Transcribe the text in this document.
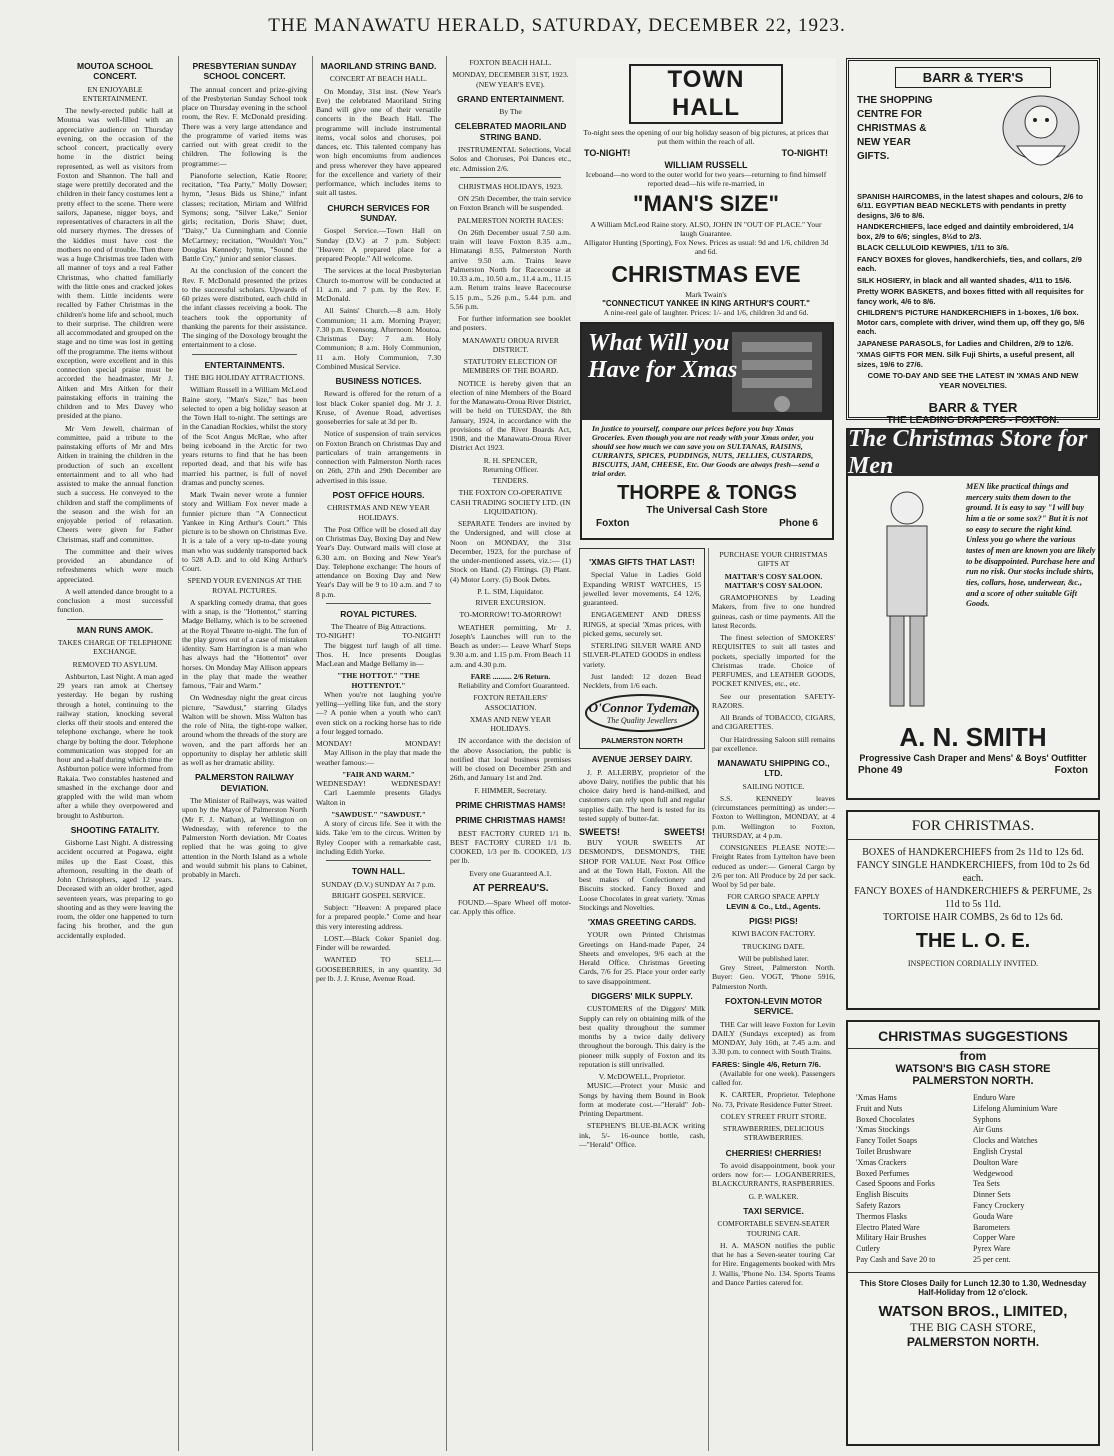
THE MANAWATU HERALD, SATURDAY, DECEMBER 22, 1923.
MOUTOA SCHOOL CONCERT.
EN ENJOYABLE ENTERTAINMENT.

The newly-erected public hall at Moutoa was well-filled with an appreciative audience on Thursday evening, on the occasion of the school concert, practically every home in the district being represented, as well as visitors from Foxton and Shannon. The hall and stage were prettily decorated and the children in their fancy costumes lent a pretty effect to the scene. There were sailors, Japanese, nigger boys, and representatives of characters in all the old nursery rhymes. The dresses of the kiddies must have cost the mothers no end of trouble. Then there was a huge Christmas tree laden with all manner of toys and a real Father Christmas, who chatted familiarly with the little ones and cracked jokes with them. Little incidents were recalled by Father Christmas in the children's home life and school, much to their surprise. The children were all accommodated and grouped on the stage and no time was lost in getting off the programme. The items without exception, were excellent and in this connection special praise must be accorded the headmaster, Mr J. Aitken and Mrs Aitken for their painstaking efforts in training the children and to Mrs Davey who presided at the piano.

Mr Vern Jewell, chairman of committee, paid a tribute to the painstaking efforts of Mr and Mrs Aitken in training the children in the production of such an excellent entertainment and to all who had assisted to make the annual function such a success. He conveyed to the children and staff the compliments of the season and the wish for an enjoyable period of relaxation. Cheers were given for Father Christmas, staff and committee.

The committee and their wives provided an abundance of refreshments which were much appreciated.

A well attended dance brought to a conclusion a most successful function.

MAN RUNS AMOK.
TAKES CHARGE OF TELEPHONE EXCHANGE.
REMOVED TO ASYLUM.

Ashburton, Last Night. A man aged 29 years ran amok at Chertsey yesterday. He began by rushing through a hotel, continuing to the railway station, knocking several clerks off their stools and entered the telephone exchange, where he took charge by bolting the door. Telephone communication was stopped for an hour and a-half during which time the Ashburton police were informed from Rakaia. Two constables hastened and smashed in the exchange door and grappled with the wild man whom after a while they overpowered and brought to Ashburton.

SHOOTING FATALITY.

Gisborne Last Night. A distressing accident occurred at Pogawa, eight miles up the East Coast, this afternoon, resulting in the death of John Christophers, aged 12 years. Deceased with an older brother, aged seventeen years, was preparing to go shooting and as they were leaving the room, the older one happened to turn facing his brother, and the gun accidentally exploded.

PRESBYTERIAN SUNDAY SCHOOL CONCERT.

The annual concert and prize-giving of the Presbyterian Sunday School took place on Thursday evening in the school room, the Rev. F. McDonald presiding. There was a very large attendance and the programme of varied items was carried out with great credit to the children. The following is the programme:—

Pianoforte selection, Katie Roore; recitation, "Tea Party," Molly Dowser; hymn, "Jesus Bids us Shine," infant classes; recitation, Miriam and Wilfrid Symons; song, "Silver Lake," Senior girls; recitation, Doris Shaw; duet, "Daisy," Ua Cunningham and Connie McCartney; recitation, "Wouldn't You," Douglas Kennedy; hymn, "Sound the Battle Cry," junior and senior classes.

At the conclusion of the concert the Rev. F. McDonald presented the prizes to the successful scholars. Upwards of 60 prizes were distributed, each child in the infant classes receiving a book. The teachers took the opportunity of thanking the parents for their assistance. The singing of the Doxology brought the entertainment to a close.

ENTERTAINMENTS.
THE BIG HOLIDAY ATTRACTIONS.

William Russell in a William McLeod Raine story, "Man's Size," has been selected to open a big holiday season at the Town Hall to-night. The settings are in the Canadian Rockies, whilst the story of the Scot Angus McRae, who after being iceboand in the Arctic for two years returns to find that he has been reported dead, and that his wife has married his partner, is full of novel dramas and punchy scenes.

Mark Twain never wrote a funnier story and William Fox never made a funnier picture than "A Connecticut Yankee in King Arthur's Court." This picture is to be shown on Christmas Eve. It is a tale of a very up-to-date young man who was suddenly transported back to 528 A.D. and to old King Arthur's Court.

SPEND YOUR EVENINGS AT THE ROYAL PICTURES.

A sparkling comedy drama, that goes with a snap, is the "Hottentot," starring Madge Bellamy, which is to be screened at the Royal Theatre to-night. The fun of the play grows out of a case of mistaken identity. Sam Harrington is a man who has always had the "Hottentot" over horses. On Monday May Allison appears in the play that made the weather famous, "Fair and Warm."

On Wednesday night the great circus picture, "Sawdust," starring Gladys Walton will be shown. Miss Walton has the role of Nita, the tight-rope walker, around whom the threads of the story are woven, and the part affords her an opportunity to display her athletic skill as well as her dramatic ability.

PALMERSTON RAILWAY DEVIATION.

The Minister of Railways, was waited upon by the Mayor of Palmerston North (Mr F. J. Nathan), at Wellington on Wednesday, with reference to the Palmerston North deviation. Mr Coates replied that he was going to give attention in the North Island as a whole and would submit his plans to Cabinet, probably in March.

MAORILAND STRING BAND.
CONCERT AT BEACH HALL.

On Monday, 31st inst. (New Year's Eve) the celebrated Maoriland String Band will give one of their versatile concerts in the Beach Hall. The programme will include instrumental items, vocal solos and choruses, poi dances, etc. This talented company has won high encomiums from audiences and press wherever they have appeared for the excellence and variety of their performance, which includes items to suit all tastes.

CHURCH SERVICES FOR SUNDAY.

Gospel Service.—Town Hall on Sunday (D.V.) at 7 p.m. Subject: "Heaven: A prepared place for a prepared People." All welcome.

The services at the local Presbyterian Church to-morrow will be conducted at 11 a.m. and 7 p.m. by the Rev. F. McDonald.

All Saints' Church.—8 a.m. Holy Communion; 11 a.m. Morning Prayer; 7.30 p.m. Evensong. Afternoon: Moutoa. Christmas Day: 7 a.m. Holy Communion; 8 a.m. Holy Communion, 11 a.m. Holy Communion, 7.30 Combined Musical Service.

BUSINESS NOTICES.

Reward is offered for the return of a lost black Coker spaniel dog. Mr J. J. Kruse, of Avenue Road, advertises gooseberries for sale at 3d per lb.

Notice of suspension of train services on Foxton Branch on Christmas Day and particulars of train arrangements in connection with Palmerston North races on 26th, 27th and 29th December are advertised in this issue.

POST OFFICE HOURS.
CHRISTMAS AND NEW YEAR HOLIDAYS.

The Post Office will be closed all day on Christmas Day, Boxing Day and New Year's Day. Outward mails will close at 6.30 a.m. on Boxing and New Year's Day. Telephone exchange: The hours of attendance on Boxing Day and New Year's Day will be 9 to 10 a.m. and 7 to 8 p.m.

ROYAL PICTURES.
The Theatre of Big Attractions.
TO-NIGHT!	TO-NIGHT!

The biggest turf laugh of all time. Thos. H. Ince presents Douglas MacLean and Madge Bellamy in—

"THE HOTTOT." "THE HOTTENTOT."

When you're not laughing you're yelling—yelling like fun, and the story—? A ponie when a youth who can't even stick on a rocking horse has to ride a four legged tornado.

MONDAY!	MONDAY!

May Allison in the play that made the weather famous:—

"FAIR AND WARM."
WEDNESDAY!	WEDNESDAY!

Carl Laemmle presents Gladys Walton in

"SAWDUST." "SAWDUST."

A story of circus life. See it with the kids. Take 'em to the circus. Written by Ryley Cooper with a remarkable cast, including Edith Yorke.

TOWN HALL.
SUNDAY (D.V.) SUNDAY At 7 p.m.
BRIGHT GOSPEL SERVICE.

Subject: "Heaven: A prepared place for a prepared people." Come and hear this very interesting address.

LOST.—Black Coker Spaniel dog. Finder will be rewarded.

WANTED TO SELL—GOOSEBERRIES, in any quantity. 3d per lb. J. J. Kruse, Avenue Road.

FOXTON BEACH HALL.
MONDAY, DECEMBER 31ST, 1923. (NEW YEAR'S EVE).
GRAND ENTERTAINMENT.
By The
CELEBRATED MAORILAND STRING BAND.

INSTRUMENTAL Selections, Vocal Solos and Choruses, Poi Dances etc., etc. Admission 2/6.

CHRISTMAS HOLIDAYS, 1923.

ON 25th December, the train service on Foxton Branch will be suspended.

PALMERSTON NORTH RACES:

On 26th December usual 7.50 a.m. train will leave Foxton 8.35 a.m., Himatangi 8.55, Palmerston North arrive 9.50 a.m. Trains leave Palmerston North for Racecourse at 10.33 a.m., 10.50 a.m., 11.4 a.m., 11.15 a.m. Return trains leave Racecourse 5.15 p.m., 5.26 p.m., 5.44 p.m. and 5.56 p.m.

For further information see booklet and posters.

MANAWATU OROUA RIVER DISTRICT.
STATUTORY ELECTION OF MEMBERS OF THE BOARD.

NOTICE is hereby given that an election of nine Members of the Board for the Manawatu-Oroua River District, will be held on TUESDAY, the 8th January, 1924, in accordance with the provisions of the River Boards Act, 1908, and the Manawatu-Oroua River District Act 1923.

R. H. SPENCER,
Returning Officer.
TENDERS.
THE FOXTON CO-OPERATIVE CASH TRADING SOCIETY LTD. (IN LIQUIDATION).

SEPARATE Tenders are invited by the Undersigned, and will close at Noon on MONDAY, the 31st December, 1923, for the purchase of the under-mentioned assets, viz.:— (1) Stock on Hand. (2) Fittings. (3) Plant. (4) Motor Lorry. (5) Book Debts.

P. L. SIM, Liquidator.
RIVER EXCURSION.
TO-MORROW! TO-MORROW!

WEATHER permitting, Mr J. Joseph's Launches will run to the Beach as under:— Leave Wharf Steps 9.30 a.m. and 1.15 p.m. From Beach 11 a.m. and 4.30 p.m.

FARE .......... 2/6 Return.

Reliability and Comfort Guaranteed.

FOXTON RETAILERS' ASSOCIATION.
XMAS AND NEW YEAR HOLIDAYS.

IN accordance with the decision of the above Association, the public is notified that local business premises will be closed on December 25th and 26th, and January 1st and 2nd.

F. HIMMER, Secretary.
PRIME CHRISTMAS HAMS!
PRIME CHRISTMAS HAMS!

BEST FACTORY CURED 1/1 lb. BEST FACTORY CURED 1/1 lb. COOKED, 1/3 per lb. COOKED, 1/3 per lb.

Every one Guaranteed A.1.
AT PERREAU'S.

FOUND.—Spare Wheel off motor-car. Apply this office.

TOWN HALL
To-night sees the opening of our big holiday season of big pictures, at prices that put them within the reach of all.
TO-NIGHT!	TO-NIGHT!
WILLIAM RUSSELL
Iceboand—no word to the outer world for two years—returning to find himself reported dead—his wife re-married, in
"MAN'S SIZE"
A William McLeod Raine story. ALSO, JOHN IN "OUT OF PLACE." Your laugh Guarantee.
Alligator Hunting (Sporting), Fox News. Prices as usual: 9d and 1/6, children 3d and 6d.
CHRISTMAS EVE
Mark Twain's
"CONNECTICUT YANKEE IN KING ARTHUR'S COURT."
A nine-reel gale of laughter. Prices: 1/- and 1/6, children 3d and 6d.
What Will you Have for Xmas
In justice to yourself, compare our prices before you buy Xmas Groceries. Even though you are not ready with your Xmas order, you should see how much we can save you on SULTANAS, RAISINS, CURRANTS, SPICES, PUDDINGS, NUTS, JELLIES, CUSTARDS, BISCUITS, JAM, CHEESE, Etc. Our Goods are always fresh—send a trial order.
THORPE & TONGS
The Universal Cash Store
Foxton	Phone 6
'XMAS GIFTS THAT LAST!

Special Value in Ladies Gold Expanding WRIST WATCHES, 15 jewelled lever movements, £4 12/6, guaranteed.

ENGAGEMENT AND DRESS RINGS, at special 'Xmas prices, with picked gems, securely set.

STERLING SILVER WARE AND SILVER-PLATED GOODS in endless variety.

Just landed: 12 dozen Bead Necklets, from 1/6 each.

O'Connor Tydeman
The Quality Jewellers
PALMERSTON NORTH
AVENUE JERSEY DAIRY.

J. P. ALLERBY, proprietor of the above Dairy, notifies the public that his choice dairy herd is hand-milked, and customers can rely upon full and regular supplies daily. The herd is tested for its tested supply of butter-fat.

SWEETS!	SWEETS!

BUY YOUR SWEETS AT DESMOND'S, DESMOND'S, THE SHOP FOR VALUE. Next Post Office and at the Town Hall, Foxton. All the best makes of Confectionery and Biscuits stocked. Fancy Boxed and Loose Chocolates in great variety. 'Xmas Stockings and Novelties.

'XMAS GREETING CARDS.

YOUR own Printed Christmas Greetings on Hand-made Paper, 24 Sheets and envelopes, 9/6 each at the Herald Office. Christmas Greeting Cards, 7/6 for 25. Place your order early to save disappointment.

DIGGERS' MILK SUPPLY.

CUSTOMERS of the Diggers' Milk Supply can rely on obtaining milk of the best quality throughout the summer months by a twice daily delivery throughout the borough. This dairy is the pioneer milk supply of Foxton and its reputation is still unrivalled.

V. McDOWELL, Proprietor.

MUSIC.—Protect your Music and Songs by having them Bound in Book form at moderate cost.—"Herald" Job-Printing Department.

STEPHEN'S BLUE-BLACK writing ink, 5/- 16-ounce bottle, cash, —"Herald" Office.

PURCHASE YOUR CHRISTMAS GIFTS AT
MATTAR'S COSY SALOON. MATTAR'S COSY SALOON.

GRAMOPHONES by Leading Makers, from five to one hundred guineas, cash or time payments. All the latest Records.

The finest selection of SMOKERS' REQUISITES to suit all tastes and pockets, specially imported for the Christmas trade. Choice of PERFUMES, and LEATHER GOODS, POCKET KNIVES, etc., etc.

See our presentation SAFETY-RAZORS.

All Brands of TOBACCO, CIGARS, and CIGARETTES.

Our Hairdressing Saloon still remains par excellence.

MANAWATU SHIPPING CO., LTD.
SAILING NOTICE.

S.S. KENNEDY leaves (circumstances permitting) as under:— Foxton to Wellington, MONDAY, at 4 p.m. Wellington to Foxton, THURSDAY, at 4 p.m.

CONSIGNEES PLEASE NOTE:— Freight Rates from Lyttelton have been reduced as under:— General Cargo by 2/6 per ton. All Produce by 2d per sack. Wool by 5d per bale.

FOR CARGO SPACE APPLY
LEVIN & Co., Ltd., Agents.
PIGS! PIGS!
KIWI BACON FACTORY.
TRUCKING DATE.
Will be published later.

Grey Street, Palmerston North. Buyer: Geo. VOGT, 'Phone 5916, Palmerston North.

FOXTON-LEVIN MOTOR SERVICE.

THE Car will leave Foxton for Levin DAILY (Sundays excepted) as from MONDAY, July 16th, at 7.45 a.m. and 3.30 p.m. to connect with South Trains.

FARES: Single 4/6, Return 7/6.

(Available for one week). Passengers called for.

K. CARTER, Proprietor. Telephone No. 73, Private Residence Futter Street.

COLEY STREET FRUIT STORE.
STRAWBERRIES, DELICIOUS STRAWBERRIES.
CHERRIES! CHERRIES!

To avoid disappointment, book your orders now for:— LOGANBERRIES, BLACKCURRANTS, RASPBERRIES.

G. P. WALKER.
TAXI SERVICE.
COMFORTABLE SEVEN-SEATER TOURING CAR.

H. A. MASON notifies the public that he has a Seven-seater touring Car for Hire. Engagements booked with Mrs J. Wallis, 'Phone No. 134. Sports Teams and Dance Parties catered for.

BARR & TYER'S
THE SHOPPING
CENTRE FOR
CHRISTMAS &
NEW YEAR
GIFTS.
SPANISH HAIRCOMBS, in the latest shapes and colours, 2/6 to 6/11. EGYPTIAN BEAD NECKLETS with pendants in pretty designs, 3/6 to 8/6.
HANDKERCHIEFS, lace edged and daintily embroidered, 1/4 box, 2/9 to 6/6; singles, 8½d to 2/3.
BLACK CELLULOID KEWPIES, 1/11 to 3/6.
FANCY BOXES for gloves, handkerchiefs, ties, and collars, 2/9 each.
SILK HOSIERY, in black and all wanted shades, 4/11 to 15/6.
Pretty WORK BASKETS, and boxes fitted with all requisites for fancy work, 4/6 to 8/6.
CHILDREN'S PICTURE HANDKERCHIEFS in 1-boxes, 1/6 box. Motor cars, complete with driver, wind them up, off they go, 5/6 each.
JAPANESE PARASOLS, for Ladies and Children, 2/9 to 12/6.
'XMAS GIFTS FOR MEN. Silk Fuji Shirts, a useful present, all sizes, 19/6 to 27/6.
COME TO-DAY AND SEE THE LATEST IN 'XMAS AND NEW YEAR NOVELTIES.
BARR & TYER
THE LEADING DRAPERS - FOXTON.
The Christmas Store for Men
MEN like practical things and mercery suits them down to the ground. It is easy to say "I will buy him a tie or some sox?" But it is not so easy to secure the right kind. Unless you go where the various tastes of men are known you are likely to be disappointed. Purchase here and run no risk. Our stocks include shirts, ties, collars, hose, underwear, &c., and a score of other suitable Gift Goods.
A. N. SMITH
Progressive Cash Draper and Mens' & Boys' Outfitter
Phone 49	Foxton
FOR CHRISTMAS.
BOXES of HANDKERCHIEFS from 2s 11d to 12s 6d.
FANCY SINGLE HANDKERCHIEFS, from 10d to 2s 6d each.
FANCY BOXES of HANDKERCHIEFS & PERFUME, 2s 11d to 5s 11d.
TORTOISE HAIR COMBS, 2s 6d to 12s 6d.
THE L. O. E.
INSPECTION CORDIALLY INVITED.
CHRISTMAS SUGGESTIONS
from
WATSON'S BIG CASH STORE
PALMERSTON NORTH.
'Xmas Hams
Fruit and Nuts
Boxed Chocolates
'Xmas Stockings
Fancy Toilet Soaps
Toilet Brushware
'Xmas Crackers
Boxed Perfumes
Cased Spoons and Forks
English Biscuits
Safety Razors
Thermos Flasks
Electro Plated Ware
Military Hair Brushes
Cutlery
Pay Cash and Save 20 to
Enduro Ware
Lifelong Aluminium Ware
Syphons
Air Guns
Clocks and Watches
English Crystal
Doulton Ware
Wedgewood
Tea Sets
Dinner Sets
Fancy Crockery
Gouda Ware
Barometers
Copper Ware
Pyrex Ware
25 per cent.
This Store Closes Daily for Lunch 12.30 to 1.30, Wednesday Half-Holiday from 12 o'clock.
WATSON BROS., LIMITED,
THE BIG CASH STORE,
PALMERSTON NORTH.
